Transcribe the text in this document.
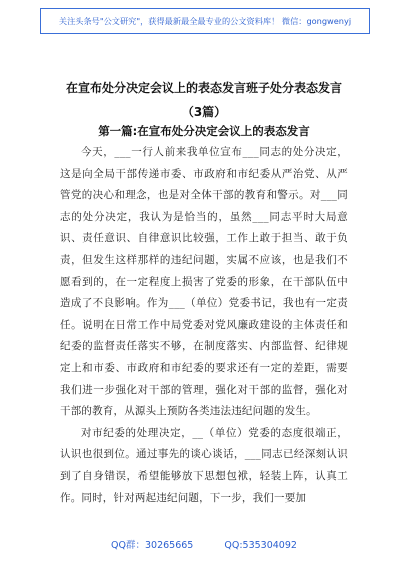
关注头条号"公文研究"，获得最新最全最专业的公文资料库！ 微信：gongwenyj
在宣布处分决定会议上的表态发言班子处分表态发言（3篇）
第一篇:在宣布处分决定会议上的表态发言

今天，___一行人前来我单位宣布___同志的处分决定，这是向全局干部传递市委、市政府和市纪委从严治党、从严管党的决心和理念，也是对全体干部的教育和警示。对___同志的处分决定，我认为是恰当的，虽然___同志平时大局意识、责任意识、自律意识比较强，工作上敢于担当、敢于负责，但发生这样那样的违纪问题，实属不应该，也是我们不愿看到的，在一定程度上损害了党委的形象，在干部队伍中造成了不良影响。作为___（单位）党委书记，我也有一定责任。说明在日常工作中局党委对党风廉政建设的主体责任和纪委的监督责任落实不够，在制度落实、内部监督、纪律规定上和市委、市政府和市纪委的要求还有一定的差距，需要我们进一步强化对干部的管理，强化对干部的监督，强化对干部的教育，从源头上预防各类违法违纪问题的发生。

对市纪委的处理决定，__（单位）党委的态度很端正，认识也很到位。通过事先的谈心谈话，___同志已经深刻认识到了自身错误，希望能够放下思想包袱，轻装上阵，认真工作。同时，针对两起违纪问题，下一步，我们一要加

QQ群：30265665	QQ:535304092
